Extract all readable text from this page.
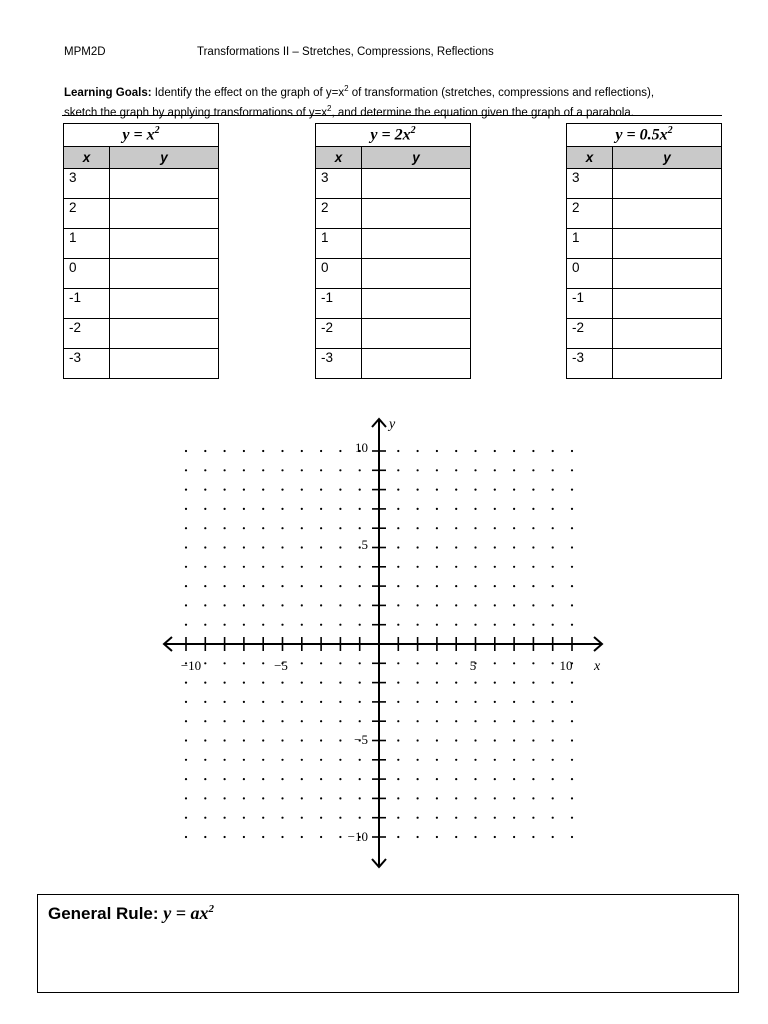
MPM2D	Transformations II – Stretches, Compressions, Reflections
Learning Goals: Identify the effect on the graph of $y=x^2$ of transformation (stretches, compressions and reflections),
sketch the graph by applying transformations of $y=x^2$, and determine the equation given the graph of a parabola.
$y = x^2$
x	y
3	
2	
1	
0	
-1	
-2	
-3	
$y = 2x^2$
x	y
3	
2	
1	
0	
-1	
-2	
-3	
$y = 0.5x^2$
x	y
3	
2	
1	
0	
-1	
-2	
-3	
−10	−5	5	10 x
10
5
−5
−10
y
General Rule: $y = ax^2$
